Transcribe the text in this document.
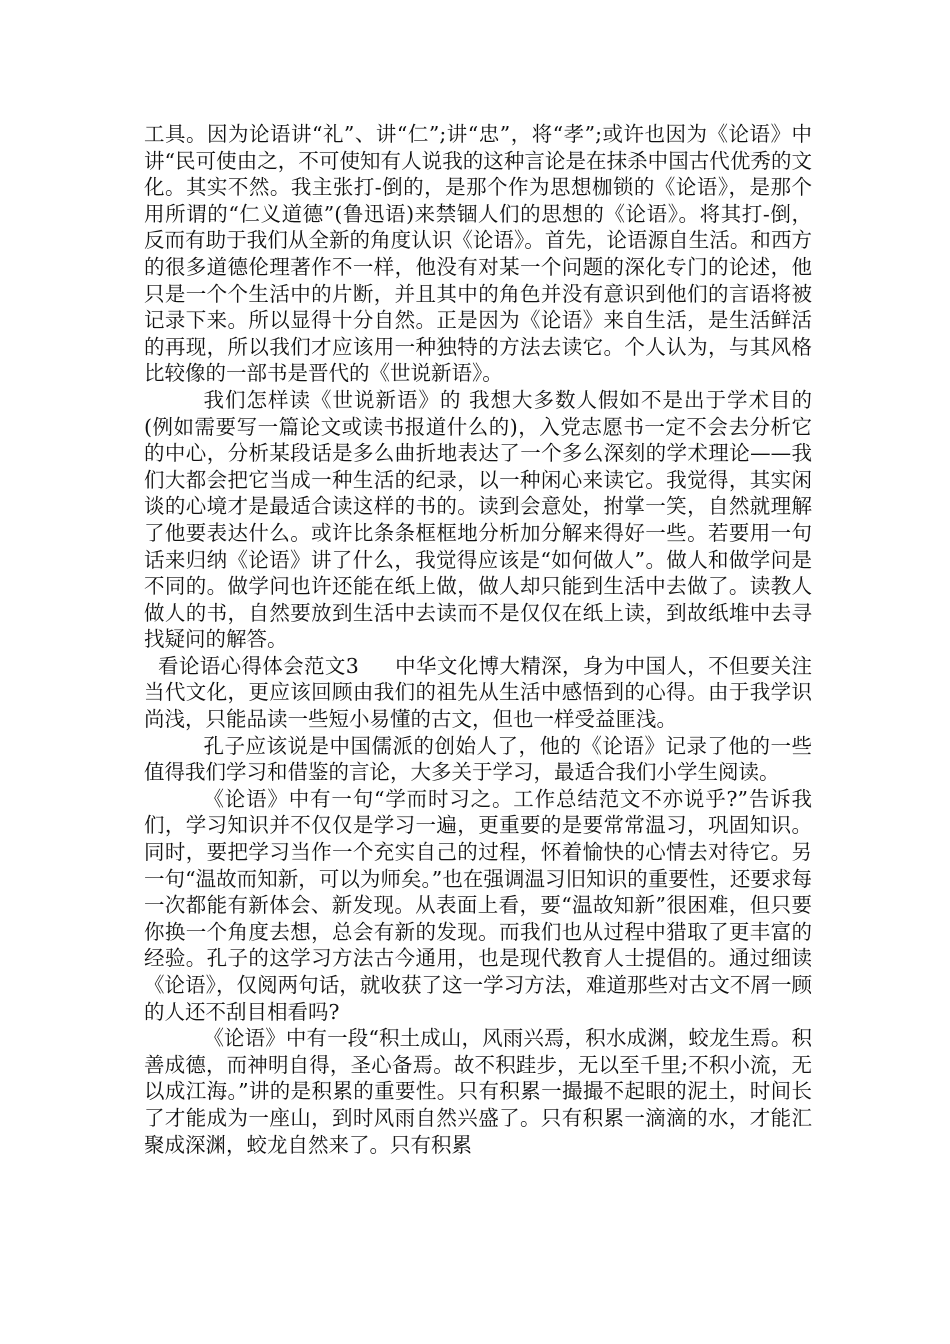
工具。因为论语讲“礼”、讲“仁”;讲“忠”，将“孝”;或许也因为《论语》中讲“民可使由之，不可使知有人说我的这种言论是在抹杀中国古代优秀的文化。其实不然。我主张打-倒的，是那个作为思想枷锁的《论语》，是那个用所谓的“仁义道德”(鲁迅语)来禁锢人们的思想的《论语》。将其打-倒，反而有助于我们从全新的角度认识《论语》。首先，论语源自生活。和西方的很多道德伦理著作不一样，他没有对某一个问题的深化专门的论述，他只是一个个生活中的片断，并且其中的角色并没有意识到他们的言语将被记录下来。所以显得十分自然。正是因为《论语》来自生活，是生活鲜活的再现，所以我们才应该用一种独特的方法去读它。个人认为，与其风格比较像的一部书是晋代的《世说新语》。

我们怎样读《世说新语》的 我想大多数人假如不是出于学术目的(例如需要写一篇论文或读书报道什么的)，入党志愿书一定不会去分析它的中心，分析某段话是多么曲折地表达了一个多么深刻的学术理论——我们大都会把它当成一种生活的纪录，以一种闲心来读它。我觉得，其实闲谈的心境才是最适合读这样的书的。读到会意处，拊掌一笑，自然就理解了他要表达什么。或许比条条框框地分析加分解来得好一些。若要用一句话来归纳《论语》讲了什么，我觉得应该是“如何做人”。做人和做学问是不同的。做学问也许还能在纸上做，做人却只能到生活中去做了。读教人做人的书，自然要放到生活中去读而不是仅仅在纸上读，到故纸堆中去寻找疑问的解答。

看论语心得体会范文3 中华文化博大精深，身为中国人，不但要关注当代文化，更应该回顾由我们的祖先从生活中感悟到的心得。由于我学识尚浅，只能品读一些短小易懂的古文，但也一样受益匪浅。

孔子应该说是中国儒派的创始人了，他的《论语》记录了他的一些值得我们学习和借鉴的言论，大多关于学习，最适合我们小学生阅读。

《论语》中有一句“学而时习之。工作总结范文不亦说乎?”告诉我们，学习知识并不仅仅是学习一遍，更重要的是要常常温习，巩固知识。同时，要把学习当作一个充实自己的过程，怀着愉快的心情去对待它。另一句“温故而知新，可以为师矣。”也在强调温习旧知识的重要性，还要求每一次都能有新体会、新发现。从表面上看，要“温故知新”很困难，但只要你换一个角度去想，总会有新的发现。而我们也从过程中猎取了更丰富的经验。孔子的这学习方法古今通用，也是现代教育人士提倡的。通过细读《论语》，仅阅两句话，就收获了这一学习方法，难道那些对古文不屑一顾的人还不刮目相看吗?

《论语》中有一段“积土成山，风雨兴焉，积水成渊，蛟龙生焉。积善成德，而神明自得，圣心备焉。故不积跬步，无以至千里;不积小流，无以成江海。”讲的是积累的重要性。只有积累一撮撮不起眼的泥土，时间长了才能成为一座山，到时风雨自然兴盛了。只有积累一滴滴的水，才能汇聚成深渊，蛟龙自然来了。只有积累
